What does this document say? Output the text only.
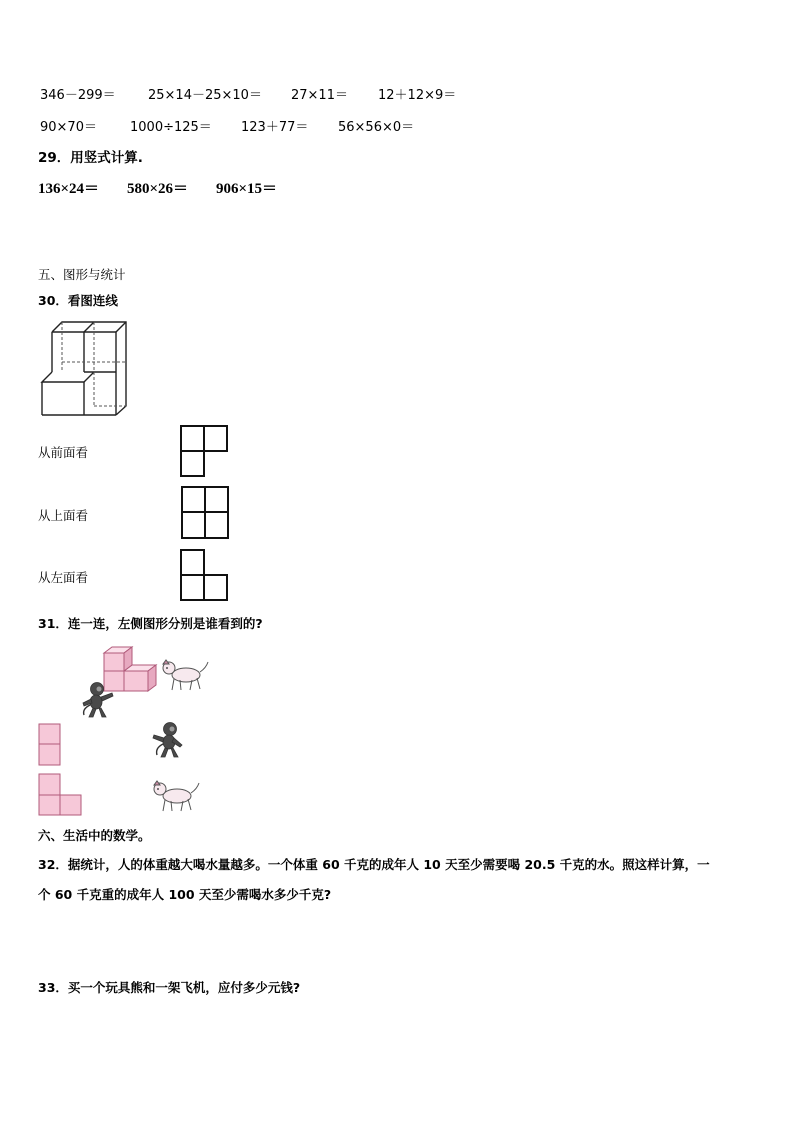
346－299＝ 25×14－25×10＝ 27×11＝ 12＋12×9＝
90×70＝	1000÷125＝ 123＋77＝ 56×56×0＝
29．用竖式计算.
136×24＝ 580×26＝ 906×15＝
五、图形与统计
30．看图连线
从前面看
从上面看
从左面看
31．连一连，左侧图形分别是谁看到的?
六、生活中的数学。
32．据统计，人的体重越大喝水量越多。一个体重 60 千克的成年人 10 天至少需要喝 20.5 千克的水。照这样计算，一
个 60 千克重的成年人 100 天至少需喝水多少千克?
33．买一个玩具熊和一架飞机，应付多少元钱?
